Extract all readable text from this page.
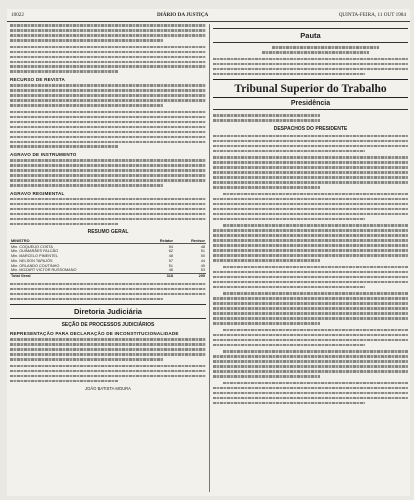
10022	DIÁRIO DA JUSTIÇA	QUINTA-FEIRA, 11 OUT 1984
RECURSO DE REVISTA
AGRAVO DE INSTRUMENTO
AGRAVO REGIMENTAL
RESUMO GERAL
MINISTRO	Relator	Revisor
Min. COQUEIJO COSTA	54	48
Min. GUIMARÃES FALCÃO	62	51
Min. MARCELO PIMENTEL	48	50
Min. NELSON TAPAJÓS	57	44
Min. ORLANDO COUTINHO	51	49
Min. MOZART VICTOR RUSSOMANO	46	53
Total Geral	318	295
Diretoria Judiciária
SEÇÃO DE PROCESSOS JUDICIÁRIOS
REPRESENTAÇÃO PARA DECLARAÇÃO DE INCONSTITUCIONALIDADE
JOÃO BATISTA MOURA
Pauta
Tribunal Superior do Trabalho
Presidência
DESPACHOS DO PRESIDENTE
